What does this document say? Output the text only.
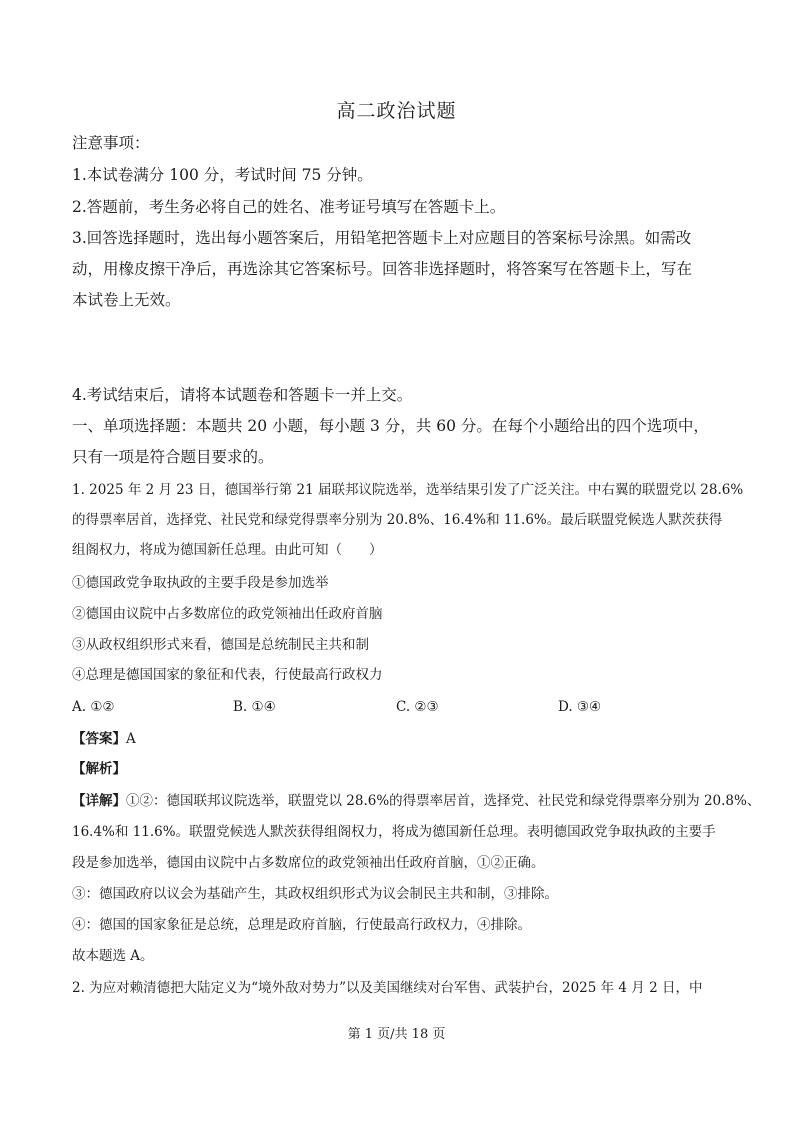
高二政治试题
注意事项：
1.本试卷满分 100 分，考试时间 75 分钟。
2.答题前，考生务必将自己的姓名、准考证号填写在答题卡上。
3.回答选择题时，选出每小题答案后，用铅笔把答题卡上对应题目的答案标号涂黑。如需改
动，用橡皮擦干净后，再选涂其它答案标号。回答非选择题时，将答案写在答题卡上，写在
本试卷上无效。
4.考试结束后，请将本试题卷和答题卡一并上交。
一、单项选择题：本题共 20 小题，每小题 3 分，共 60 分。在每个小题给出的四个选项中，
只有一项是符合题目要求的。
1. 2025 年 2 月 23 日，德国举行第 21 届联邦议院选举，选举结果引发了广泛关注。中右翼的联盟党以 28.6%
的得票率居首，选择党、社民党和绿党得票率分别为 20.8%、16.4%和 11.6%。最后联盟党候选人默茨获得
组阁权力，将成为德国新任总理。由此可知（　　）
①德国政党争取执政的主要手段是参加选举
②德国由议院中占多数席位的政党领袖出任政府首脑
③从政权组织形式来看，德国是总统制民主共和制
④总理是德国国家的象征和代表，行使最高行政权力
A. ①②	B. ①④	C. ②③	D. ③④
【答案】A
【解析】
【详解】①②：德国联邦议院选举，联盟党以 28.6%的得票率居首，选择党、社民党和绿党得票率分别为 20.8%、
16.4%和 11.6%。联盟党候选人默茨获得组阁权力，将成为德国新任总理。表明德国政党争取执政的主要手
段是参加选举，德国由议院中占多数席位的政党领袖出任政府首脑，①②正确。
③：德国政府以议会为基础产生，其政权组织形式为议会制民主共和制，③排除。
④：德国的国家象征是总统，总理是政府首脑，行使最高行政权力，④排除。
故本题选 A。
2. 为应对赖清德把大陆定义为“境外敌对势力”以及美国继续对台军售、武装护台，2025 年 4 月 2 日，中
第 1 页/共 18 页
